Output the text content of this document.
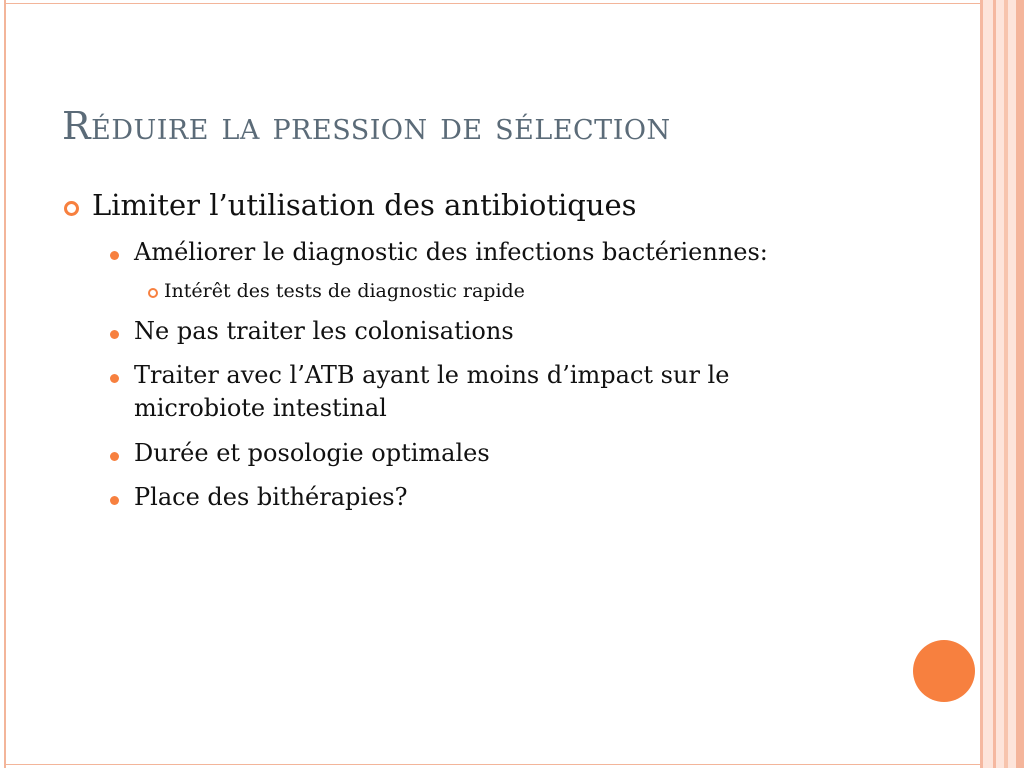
Réduire la pression de sélection
Limiter l’utilisation des antibiotiques
Améliorer le diagnostic des infections bactériennes:
Intérêt des tests de diagnostic rapide
Ne pas traiter les colonisations
Traiter avec l’ATB ayant le moins d’impact sur le
microbiote intestinal
Durée et posologie optimales
Place des bithérapies?
